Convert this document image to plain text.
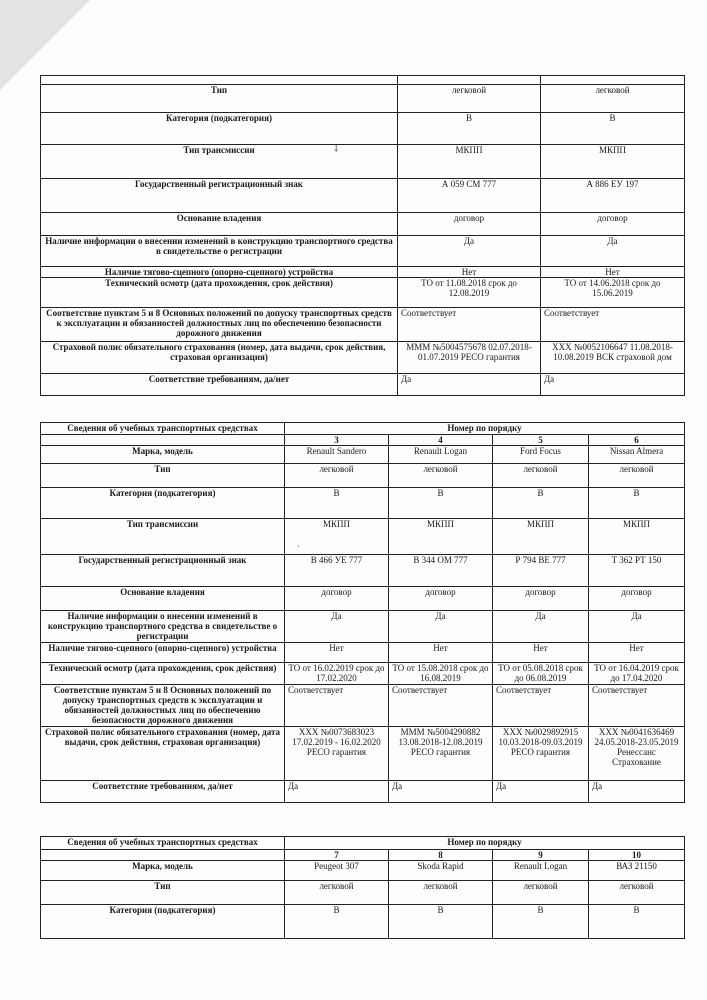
Тип	легковой	легковой
Категория (подкатегория)	B	B
Тип трансмиссии	МКПП	МКПП
Государственный регистрационный знак	А 059 СМ 777	А 886 ЕУ 197
Основание владения	договор	договор
Наличие информации о внесении изменений в конструкцию транспортного средства в свидетельстве о регистрации	Да	Да
Наличие тягово-сцепного (опорно-сцепного) устройства	Нет	Нет
Технический осмотр (дата прохождения, срок действия)	ТО от 11.08.2018 срок до 12.08.2019	ТО от 14.06.2018 срок до 15.06.2019
Соответствие пунктам 5 и 8 Основных положений по допуску транспортных средств к эксплуатации и обязанностей должностных лиц по обеспечению безопасности дорожного движения	Соответствует	Соответствует
Страховой полис обязательного страхования (номер, дата выдачи, срок действия, страховая организация)	МММ №5004575678 02.07.2018-01.07.2019 РЕСО гарантия	ХХХ №0052106647 11.08.2018-10.08.2019 ВСК страховой дом
Соответствие требованиям, да/нет	Да	Да
Сведения об учебных транспортных средствах	Номер по порядку			
	3	4	5	6
Марка, модель	Renault Sandero	Renault Logan	Ford Focus	Nissan Almera
Тип	легковой	легковой	легковой	легковой
Категория (подкатегория)	B	B	B	B
Тип трансмиссии	МКПП	МКПП	МКПП	МКПП
Государственный регистрационный знак	В 466 УЕ 777	В 344 ОМ 777	Р 794 ВЕ 777	Т 362 РТ 150
Основание владения	договор	договор	договор	договор
Наличие информации о внесении изменений в конструкцию транспортного средства в свидетельстве о регистрации	Да	Да	Да	Да
Наличие тягово-сцепного (опорно-сцепного) устройства	Нет	Нет	Нет	Нет
Технический осмотр (дата прохождения, срок действия)	ТО от 16.02.2019 срок до 17.02.2020	ТО от 15.08.2018 срок до 16.08.2019	ТО от 05.08.2018 срок до 06.08.2019	ТО от 16.04.2019 срок до 17.04.2020
Соответствие пунктам 5 и 8 Основных положений по допуску транспортных средств к эксплуатации и обязанностей должностных лиц по обеспечению безопасности дорожного движения	Соответствует	Соответствует	Соответствует	Соответствует
Страховой полис обязательного страхования (номер, дата выдачи, срок действия, страховая организация)	ХХХ №0073683023 17.02.2019 - 16.02.2020 РЕСО гарантия	МММ №5004290882 13.08.2018-12.08.2019 РЕСО гарантия	ХХХ №0029892915 10.03.2018-09.03.2019 РЕСО гарантия	ХХХ №0041636469 24.05.2018-23.05.2019 Ренессанс Страхование
Соответствие требованиям, да/нет	Да	Да	Да	Да
Сведения об учебных транспортных средствах	Номер по порядку			
	7	8	9	10
Марка, модель	Peugeot 307	Skoda Rapid	Renault Logan	ВАЗ 21150
Тип	легковой	легковой	легковой	легковой
Категория (подкатегория)	B	B	B	B
⸸
ˎ
